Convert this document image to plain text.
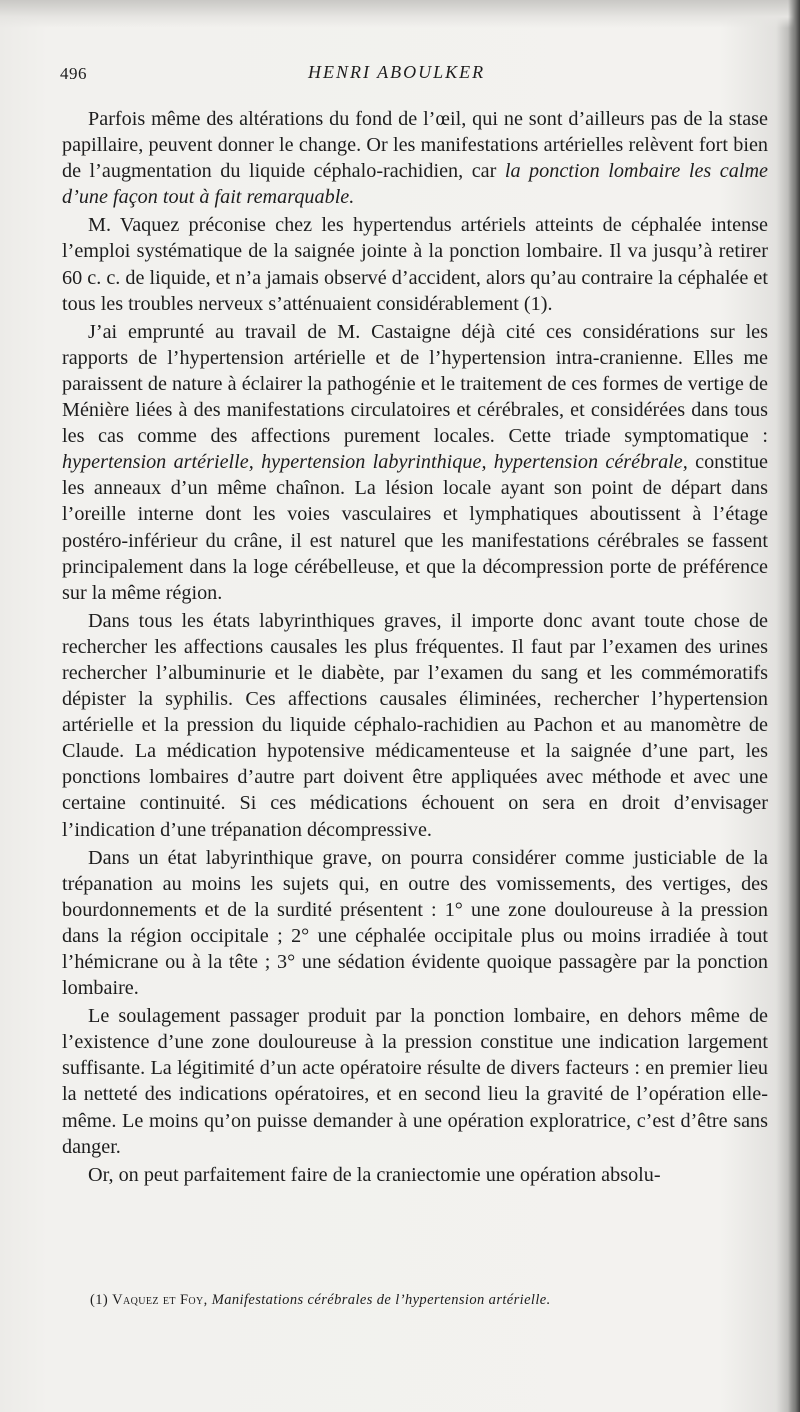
496	HENRI ABOULKER

Parfois même des altérations du fond de l’œil, qui ne sont d’ailleurs pas de la stase papillaire, peuvent donner le change. Or les manifestations artérielles relèvent fort bien de l’augmentation du liquide céphalo-rachidien, car la ponction lombaire les calme d’une façon tout à fait remarquable.

M. Vaquez préconise chez les hypertendus artériels atteints de céphalée intense l’emploi systématique de la saignée jointe à la ponction lombaire. Il va jusqu’à retirer 60 c. c. de liquide, et n’a jamais observé d’accident, alors qu’au contraire la céphalée et tous les troubles nerveux s’atténuaient considérablement (1).

J’ai emprunté au travail de M. Castaigne déjà cité ces considérations sur les rapports de l’hypertension artérielle et de l’hypertension intra-cranienne. Elles me paraissent de nature à éclairer la pathogénie et le traitement de ces formes de vertige de Ménière liées à des manifestations circulatoires et cérébrales, et considérées dans tous les cas comme des affections purement locales. Cette triade symptomatique : hypertension artérielle, hypertension labyrinthique, hypertension cérébrale, constitue les anneaux d’un même chaînon. La lésion locale ayant son point de départ dans l’oreille interne dont les voies vasculaires et lymphatiques aboutissent à l’étage postéro-inférieur du crâne, il est naturel que les manifestations cérébrales se fassent principalement dans la loge cérébelleuse, et que la décompression porte de préférence sur la même région.

Dans tous les états labyrinthiques graves, il importe donc avant toute chose de rechercher les affections causales les plus fréquentes. Il faut par l’examen des urines rechercher l’albuminurie et le diabète, par l’examen du sang et les commémoratifs dépister la syphilis. Ces affections causales éliminées, rechercher l’hypertension artérielle et la pression du liquide céphalo-rachidien au Pachon et au manomètre de Claude. La médication hypotensive médicamenteuse et la saignée d’une part, les ponctions lombaires d’autre part doivent être appliquées avec méthode et avec une certaine continuité. Si ces médications échouent on sera en droit d’envisager l’indication d’une trépanation décompressive.

Dans un état labyrinthique grave, on pourra considérer comme justiciable de la trépanation au moins les sujets qui, en outre des vomissements, des vertiges, des bourdonnements et de la surdité présentent : 1° une zone douloureuse à la pression dans la région occipitale ; 2° une céphalée occipitale plus ou moins irradiée à tout l’hémicrane ou à la tête ; 3° une sédation évidente quoique passagère par la ponction lombaire.

Le soulagement passager produit par la ponction lombaire, en dehors même de l’existence d’une zone douloureuse à la pression constitue une indication largement suffisante. La légitimité d’un acte opératoire résulte de divers facteurs : en premier lieu la netteté des indications opératoires, et en second lieu la gravité de l’opération elle-même. Le moins qu’on puisse demander à une opération exploratrice, c’est d’être sans danger.

Or, on peut parfaitement faire de la craniectomie une opération absolu-

(1) Vaquez et Foy, Manifestations cérébrales de l’hypertension artérielle.
